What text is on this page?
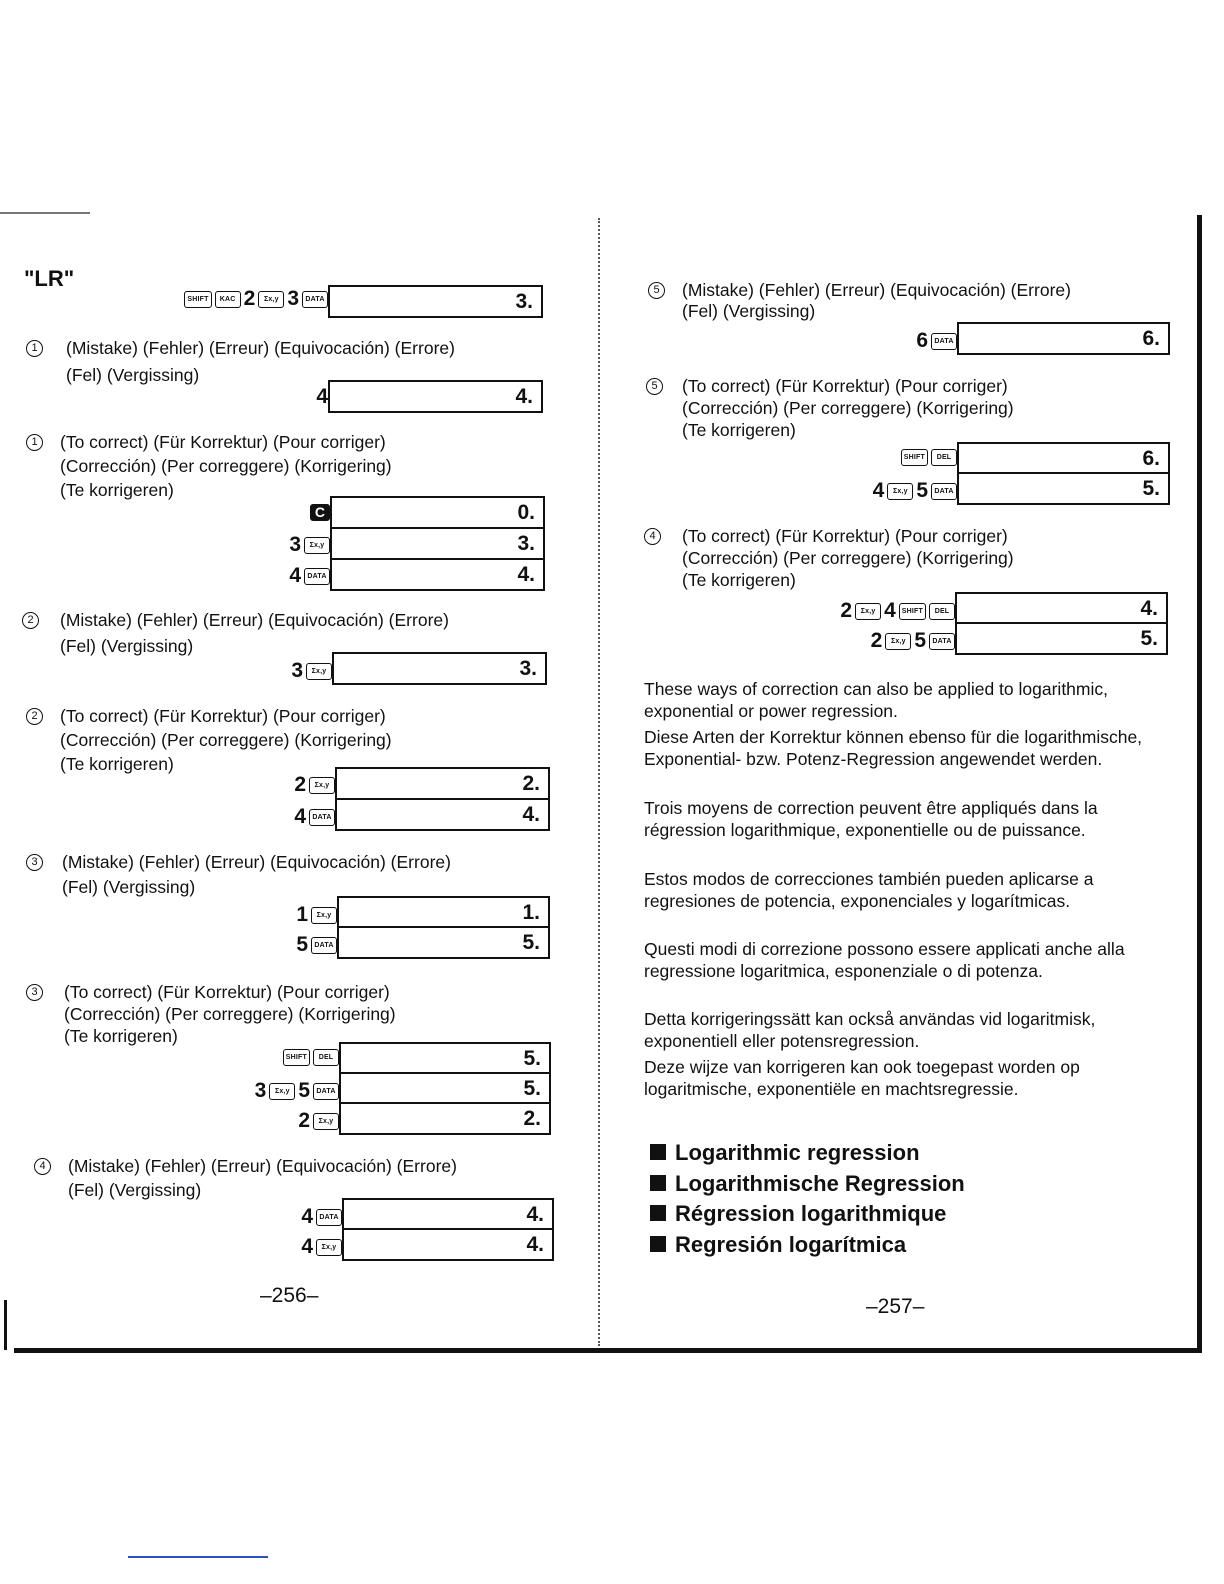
"LR"
SHIFT	KAC 2	Σx,y 3 DATA	3.
1	(Mistake) (Fehler) (Erreur) (Equivocación) (Errore)
(Fel) (Vergissing)
4	4.
1	(To correct) (Für Korrektur) (Pour corriger)
(Corrección) (Per correggere) (Korrigering)
(Te korrigeren)
C	0.
3	Σx,y	3.
4 DATA	4.
2	(Mistake) (Fehler) (Erreur) (Equivocación) (Errore)
(Fel) (Vergissing)
3	Σx,y	3.
2	(To correct) (Für Korrektur) (Pour corriger)
(Corrección) (Per correggere) (Korrigering)
(Te korrigeren)
2	Σx,y	2.
4 DATA	4.
3	(Mistake) (Fehler) (Erreur) (Equivocación) (Errore)
(Fel) (Vergissing)
1	Σx,y	1.
5 DATA	5.
3	(To correct) (Für Korrektur) (Pour corriger)
(Corrección) (Per correggere) (Korrigering)
(Te korrigeren)
SHIFT	DEL	5.
3	Σx,y 5 DATA	5.
2	Σx,y	2.
4	(Mistake) (Fehler) (Erreur) (Equivocación) (Errore)
(Fel) (Vergissing)
4 DATA	4.
4	Σx,y	4.
–256–
5	(Mistake) (Fehler) (Erreur) (Equivocación) (Errore)
(Fel) (Vergissing)
6 DATA	6.
5	(To correct) (Für Korrektur) (Pour corriger)
(Corrección) (Per correggere) (Korrigering)
(Te korrigeren)
SHIFT	DEL	6.
4	Σx,y 5 DATA	5.
4	(To correct) (Für Korrektur) (Pour corriger)
(Corrección) (Per correggere) (Korrigering)
(Te korrigeren)
2	Σx,y 4 SHIFT	DEL	4.
2	Σx,y 5 DATA	5.
These ways of correction can also be applied to logarithmic, exponential or power regression.
Diese Arten der Korrektur können ebenso für die logarithmische, Exponential- bzw. Potenz-Regression angewendet werden.
Trois moyens de correction peuvent être appliqués dans la régression logarithmique, exponentielle ou de puissance.
Estos modos de correcciones también pueden aplicarse a regresiones de potencia, exponenciales y logarítmicas.
Questi modi di correzione possono essere applicati anche alla regressione logaritmica, esponenziale o di potenza.
Detta korrigeringssätt kan också användas vid logaritmisk, exponentiell eller potensregression.
Deze wijze van korrigeren kan ook toegepast worden op logaritmische, exponentiële en machtsregressie.
Logarithmic regression
Logarithmische Regression
Régression logarithmique
Regresión logarítmica
–257–
